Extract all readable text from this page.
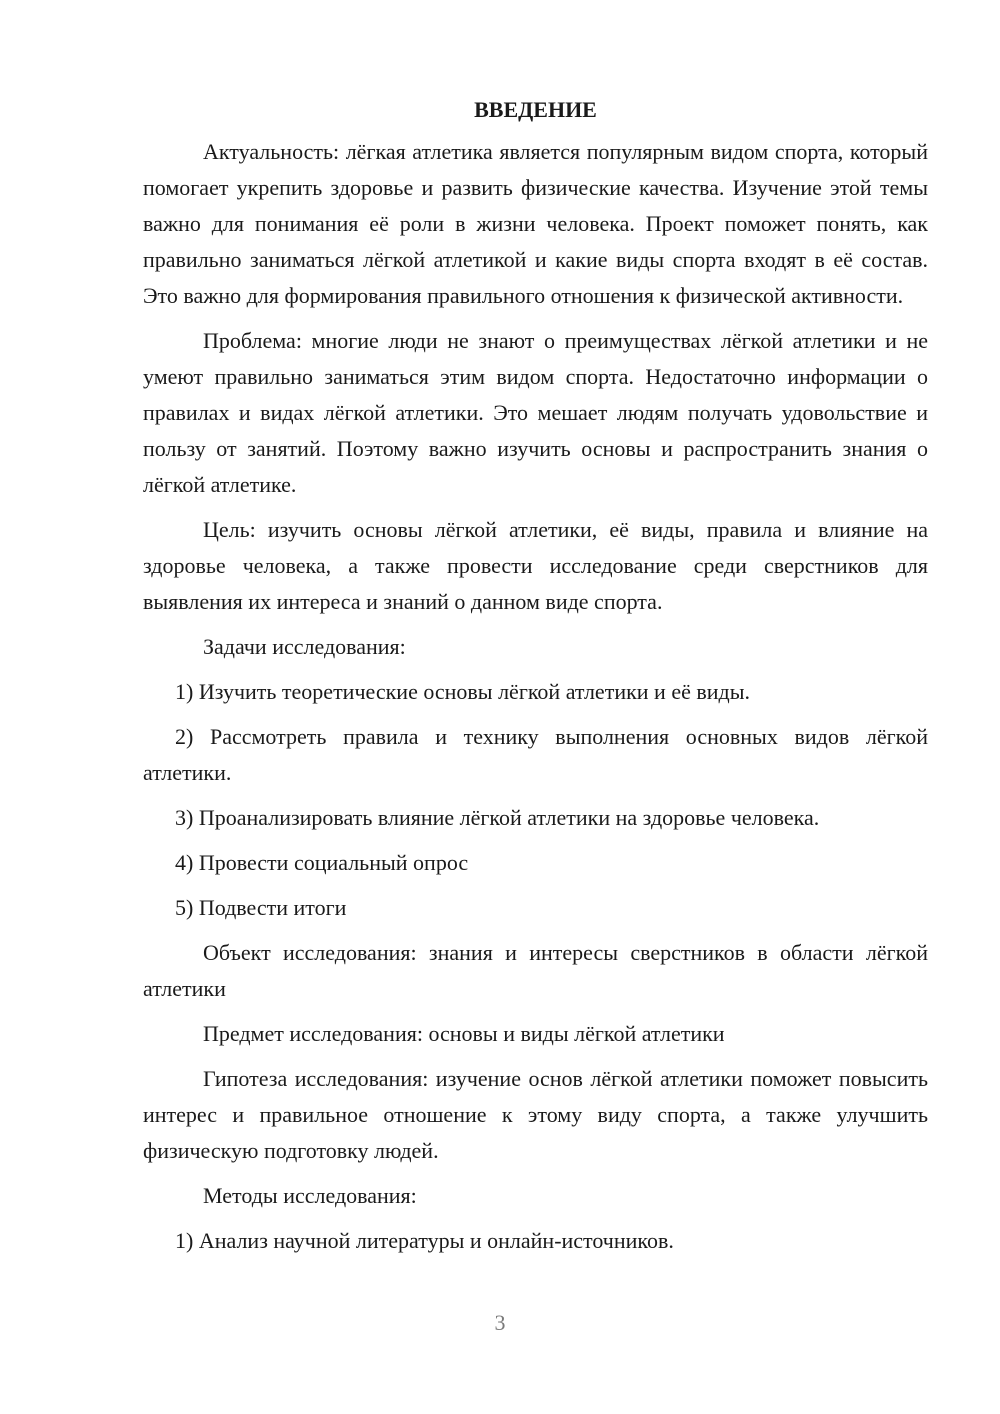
ВВЕДЕНИЕ

Актуальность: лёгкая атлетика является популярным видом спорта, который помогает укрепить здоровье и развить физические качества. Изучение этой темы важно для понимания её роли в жизни человека. Проект поможет понять, как правильно заниматься лёгкой атлетикой и какие виды спорта входят в её состав. Это важно для формирования правильного отношения к физической активности.

Проблема: многие люди не знают о преимуществах лёгкой атлетики и не умеют правильно заниматься этим видом спорта. Недостаточно информации о правилах и видах лёгкой атлетики. Это мешает людям получать удовольствие и пользу от занятий. Поэтому важно изучить основы и распространить знания о лёгкой атлетике.

Цель: изучить основы лёгкой атлетики, её виды, правила и влияние на здоровье человека, а также провести исследование среди сверстников для выявления их интереса и знаний о данном виде спорта.

Задачи исследования:

1) Изучить теоретические основы лёгкой атлетики и её виды.

2) Рассмотреть правила и технику выполнения основных видов лёгкой атлетики.

3) Проанализировать влияние лёгкой атлетики на здоровье человека.

4) Провести социальный опрос

5) Подвести итоги

Объект исследования: знания и интересы сверстников в области лёгкой атлетики

Предмет исследования: основы и виды лёгкой атлетики

Гипотеза исследования: изучение основ лёгкой атлетики поможет повысить интерес и правильное отношение к этому виду спорта, а также улучшить физическую подготовку людей.

Методы исследования:

1) Анализ научной литературы и онлайн-источников.

3
